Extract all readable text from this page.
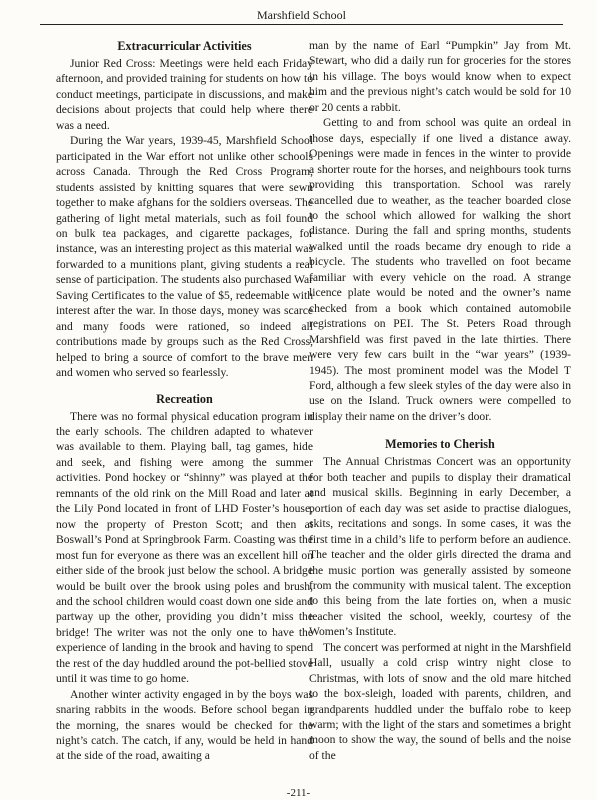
Marshfield School
Extracurricular Activities

Junior Red Cross: Meetings were held each Friday afternoon, and provided training for students on how to conduct meetings, participate in discussions, and make decisions about projects that could help where there was a need.

During the War years, 1939-45, Marshfield School participated in the War effort not unlike other schools across Canada. Through the Red Cross Program, students assisted by knitting squares that were sewn together to make afghans for the soldiers overseas. The gathering of light metal materials, such as foil found on bulk tea packages, and cigarette packages, for instance, was an interesting project as this material was forwarded to a munitions plant, giving students a real sense of participation. The students also purchased War Saving Certificates to the value of $5, redeemable with interest after the war. In those days, money was scarce and many foods were rationed, so indeed all contributions made by groups such as the Red Cross, helped to bring a source of comfort to the brave men and women who served so fearlessly.

Recreation

There was no formal physical education program in the early schools. The children adapted to whatever was available to them. Playing ball, tag games, hide and seek, and fishing were among the summer activities. Pond hockey or “shinny” was played at the remnants of the old rink on the Mill Road and later at the Lily Pond located in front of LHD Foster’s house, now the property of Preston Scott; and then at Boswall’s Pond at Springbrook Farm. Coasting was the most fun for everyone as there was an excellent hill on either side of the brook just below the school. A bridge would be built over the brook using poles and brush, and the school children would coast down one side and partway up the other, providing you didn’t miss the bridge! The writer was not the only one to have the experience of landing in the brook and having to spend the rest of the day huddled around the pot-bellied stove until it was time to go home.

Another winter activity engaged in by the boys was snaring rabbits in the woods. Before school began in the morning, the snares would be checked for the night’s catch. The catch, if any, would be held in hand at the side of the road, awaiting a

man by the name of Earl “Pumpkin” Jay from Mt. Stewart, who did a daily run for groceries for the stores in his village. The boys would know when to expect him and the previous night’s catch would be sold for 10 or 20 cents a rabbit.

Getting to and from school was quite an ordeal in those days, especially if one lived a distance away. Openings were made in fences in the winter to provide a shorter route for the horses, and neighbours took turns providing this transportation. School was rarely cancelled due to weather, as the teacher boarded close to the school which allowed for walking the short distance. During the fall and spring months, students walked until the roads became dry enough to ride a bicycle. The students who travelled on foot became familiar with every vehicle on the road. A strange licence plate would be noted and the owner’s name checked from a book which contained automobile registrations on PEI. The St. Peters Road through Marshfield was first paved in the late thirties. There were very few cars built in the “war years” (1939-1945). The most prominent model was the Model T Ford, although a few sleek styles of the day were also in use on the Island. Truck owners were compelled to display their name on the driver’s door.

Memories to Cherish

The Annual Christmas Concert was an opportunity for both teacher and pupils to display their dramatical and musical skills. Beginning in early December, a portion of each day was set aside to practise dialogues, skits, recitations and songs. In some cases, it was the first time in a child’s life to perform before an audience. The teacher and the older girls directed the drama and the music portion was generally assisted by someone from the community with musical talent. The exception to this being from the late forties on, when a music teacher visited the school, weekly, courtesy of the Women’s Institute.

The concert was performed at night in the Marshfield Hall, usually a cold crisp wintry night close to Christmas, with lots of snow and the old mare hitched to the box-sleigh, loaded with parents, children, and grandparents huddled under the buffalo robe to keep warm; with the light of the stars and sometimes a bright moon to show the way, the sound of bells and the noise of the

-211-
